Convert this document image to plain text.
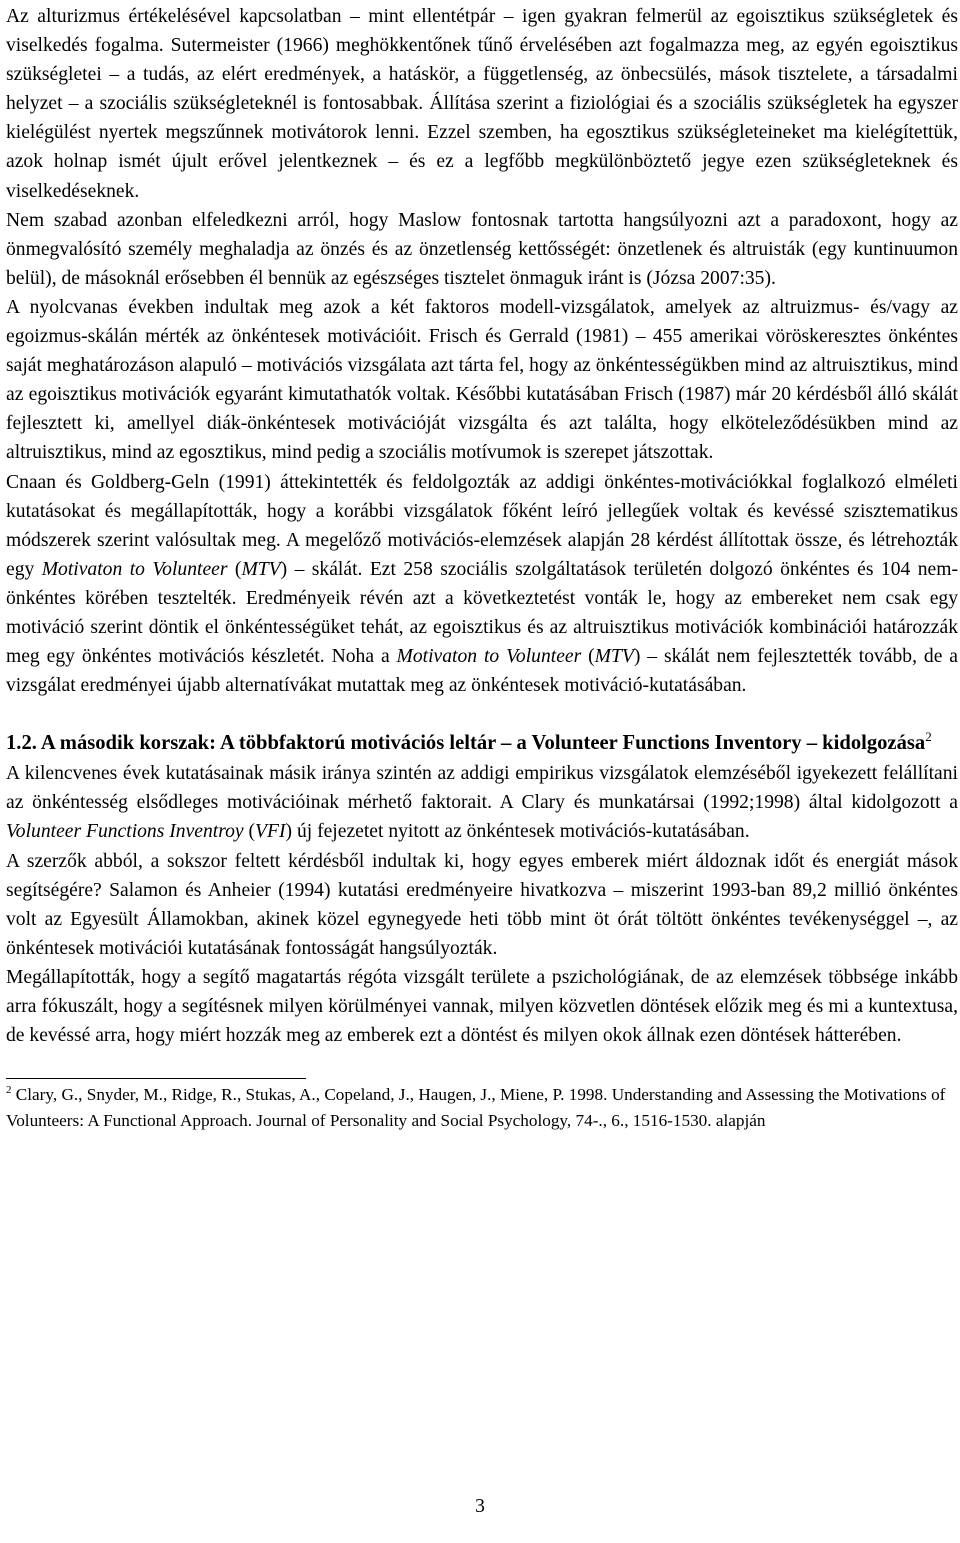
Az alturizmus értékelésével kapcsolatban – mint ellentétpár – igen gyakran felmerül az egoisztikus szükségletek és viselkedés fogalma. Sutermeister (1966) meghökkentőnek tűnő érvelésében azt fogalmazza meg, az egyén egoisztikus szükségletei – a tudás, az elért eredmények, a hatáskör, a függetlenség, az önbecsülés, mások tisztelete, a társadalmi helyzet – a szociális szükségleteknél is fontosabbak. Állítása szerint a fiziológiai és a szociális szükségletek ha egyszer kielégülést nyertek megszűnnek motivátorok lenni. Ezzel szemben, ha egosztikus szükségleteineket ma kielégítettük, azok holnap ismét újult erővel jelentkeznek – és ez a legfőbb megkülönböztető jegye ezen szükségleteknek és viselkedéseknek.

Nem szabad azonban elfeledkezni arról, hogy Maslow fontosnak tartotta hangsúlyozni azt a paradoxont, hogy az önmegvalósító személy meghaladja az önzés és az önzetlenség kettősségét: önzetlenek és altruisták (egy kuntinuumon belül), de másoknál erősebben él bennük az egészséges tisztelet önmaguk iránt is (Józsa 2007:35).

A nyolcvanas években indultak meg azok a két faktoros modell-vizsgálatok, amelyek az altruizmus- és/vagy az egoizmus-skálán mérték az önkéntesek motivációit. Frisch és Gerrald (1981) – 455 amerikai vöröskeresztes önkéntes saját meghatározáson alapuló – motivációs vizsgálata azt tárta fel, hogy az önkéntességükben mind az altruisztikus, mind az egoisztikus motivációk egyaránt kimutathatók voltak. Későbbi kutatásában Frisch (1987) már 20 kérdésből álló skálát fejlesztett ki, amellyel diák-önkéntesek motivációját vizsgálta és azt találta, hogy elköteleződésükben mind az altruisztikus, mind az egosztikus, mind pedig a szociális motívumok is szerepet játszottak.

Cnaan és Goldberg-Geln (1991) áttekintették és feldolgozták az addigi önkéntes-motivációkkal foglalkozó elméleti kutatásokat és megállapították, hogy a korábbi vizsgálatok főként leíró jellegűek voltak és kevéssé szisztematikus módszerek szerint valósultak meg. A megelőző motivációs-elemzések alapján 28 kérdést állítottak össze, és létrehozták egy Motivaton to Volunteer (MTV) – skálát. Ezt 258 szociális szolgáltatások területén dolgozó önkéntes és 104 nem-önkéntes körében tesztelték. Eredményeik révén azt a következtetést vonták le, hogy az embereket nem csak egy motiváció szerint döntik el önkéntességüket tehát, az egoisztikus és az altruisztikus motivációk kombinációi határozzák meg egy önkéntes motivációs készletét. Noha a Motivaton to Volunteer (MTV) – skálát nem fejlesztették tovább, de a vizsgálat eredményei újabb alternatívákat mutattak meg az önkéntesek motiváció-kutatásában.

1.2. A második korszak: A többfaktorú motivációs leltár – a Volunteer Functions Inventory – kidolgozása$^2$

A kilencvenes évek kutatásainak másik iránya szintén az addigi empirikus vizsgálatok elemzéséből igyekezett felállítani az önkéntesség elsődleges motivációinak mérhető faktorait. A Clary és munkatársai (1992;1998) által kidolgozott a Volunteer Functions Inventroy (VFI) új fejezetet nyitott az önkéntesek motivációs-kutatásában.

A szerzők abból, a sokszor feltett kérdésből indultak ki, hogy egyes emberek miért áldoznak időt és energiát mások segítségére? Salamon és Anheier (1994) kutatási eredményeire hivatkozva – miszerint 1993-ban 89,2 millió önkéntes volt az Egyesült Államokban, akinek közel egynegyede heti több mint öt órát töltött önkéntes tevékenységgel –, az önkéntesek motivációi kutatásának fontosságát hangsúlyozták.

Megállapították, hogy a segítő magatartás régóta vizsgált területe a pszichológiának, de az elemzések többsége inkább arra fókuszált, hogy a segítésnek milyen körülményei vannak, milyen közvetlen döntések előzik meg és mi a kuntextusa, de kevéssé arra, hogy miért hozzák meg az emberek ezt a döntést és milyen okok állnak ezen döntések hátterében.

$^2$ Clary, G., Snyder, M., Ridge, R., Stukas, A., Copeland, J., Haugen, J., Miene, P. 1998. Understanding and Assessing the Motivations of Volunteers: A Functional Approach. Journal of Personality and Social Psychology, 74-., 6., 1516-1530. alapján
3
